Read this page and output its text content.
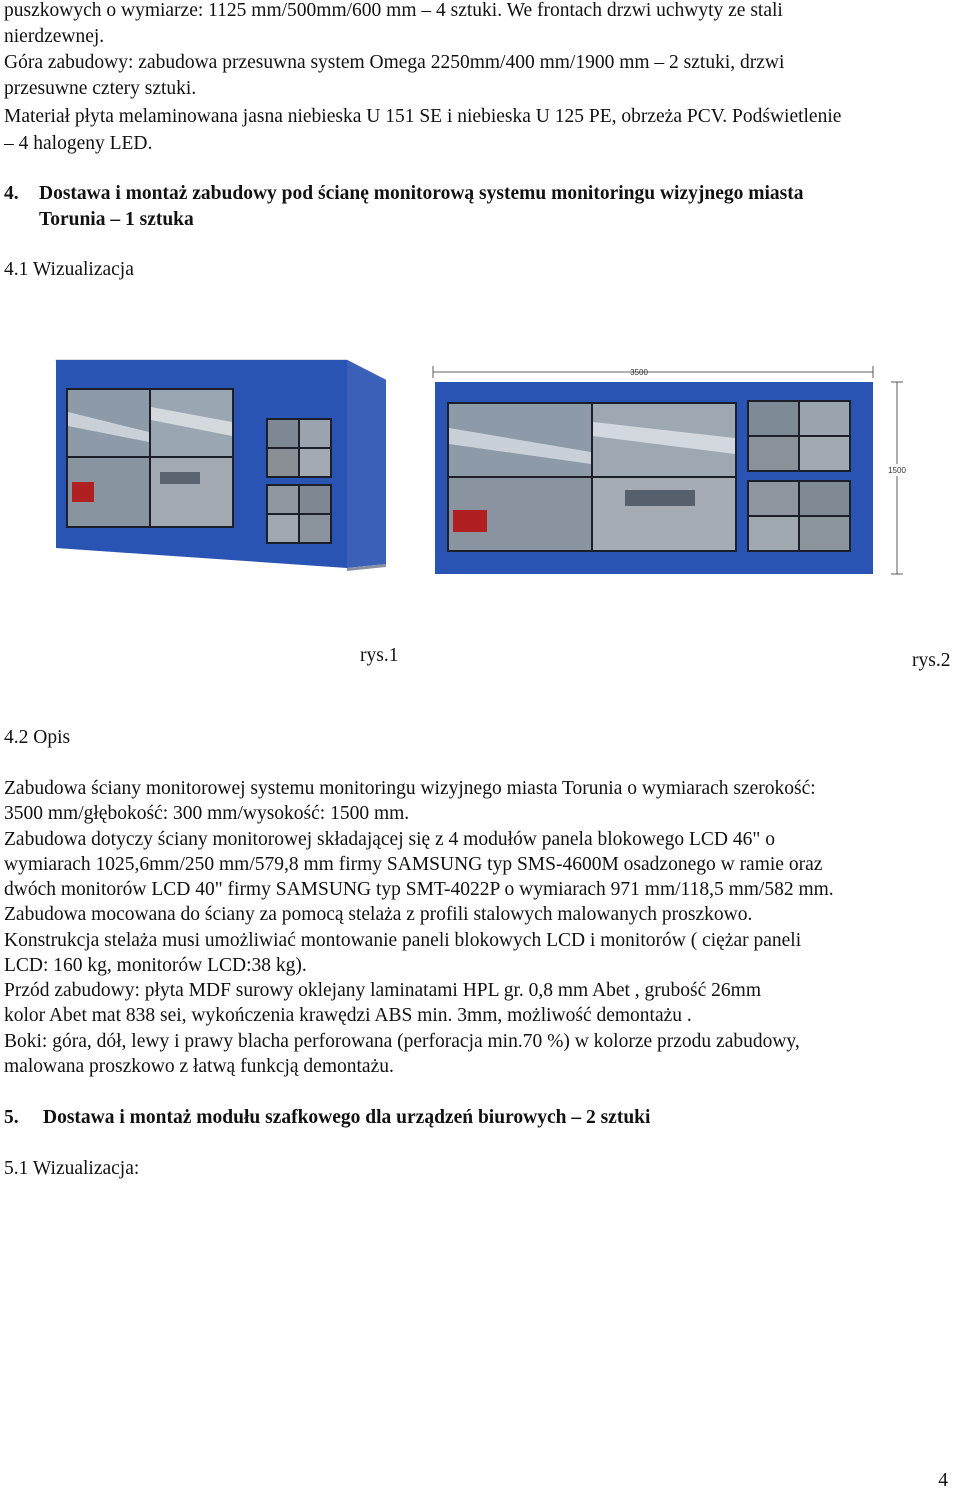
puszkowych o wymiarze: 1125 mm/500mm/600 mm – 4 sztuki. We frontach drzwi uchwyty ze stali
nierdzewnej.
Góra zabudowy: zabudowa przesuwna system Omega 2250mm/400 mm/1900 mm – 2 sztuki, drzwi
przesuwne cztery sztuki.
Materiał płyta melaminowana jasna niebieska U 151 SE i niebieska U 125 PE, obrzeża PCV. Podświetlenie
– 4 halogeny LED.
4. Dostawa i montaż zabudowy pod ścianę monitorową systemu monitoringu wizyjnego miasta
Torunia – 1 sztuka
4.1 Wizualizacja
3500
1500
rys.1	rys.2
4.2 Opis
Zabudowa ściany monitorowej systemu monitoringu wizyjnego miasta Torunia o wymiarach szerokość:
3500 mm/głębokość: 300 mm/wysokość: 1500 mm.
Zabudowa dotyczy ściany monitorowej składającej się z 4 modułów panela blokowego LCD 46" o
wymiarach 1025,6mm/250 mm/579,8 mm firmy SAMSUNG typ SMS-4600M osadzonego w ramie oraz
dwóch monitorów LCD 40" firmy SAMSUNG typ SMT-4022P o wymiarach 971 mm/118,5 mm/582 mm.
Zabudowa mocowana do ściany za pomocą stelaża z profili stalowych malowanych proszkowo.
Konstrukcja stelaża musi umożliwiać montowanie paneli blokowych LCD i monitorów ( ciężar paneli
LCD: 160 kg, monitorów LCD:38 kg).
Przód zabudowy: płyta MDF surowy oklejany laminatami HPL gr. 0,8 mm Abet , grubość 26mm
kolor Abet mat 838 sei, wykończenia krawędzi ABS min. 3mm, możliwość demontażu .
Boki: góra, dół, lewy i prawy blacha perforowana (perforacja min.70 %) w kolorze przodu zabudowy,
malowana proszkowo z łatwą funkcją demontażu.
5. Dostawa i montaż modułu szafkowego dla urządzeń biurowych – 2 sztuki
5.1 Wizualizacja:
4
